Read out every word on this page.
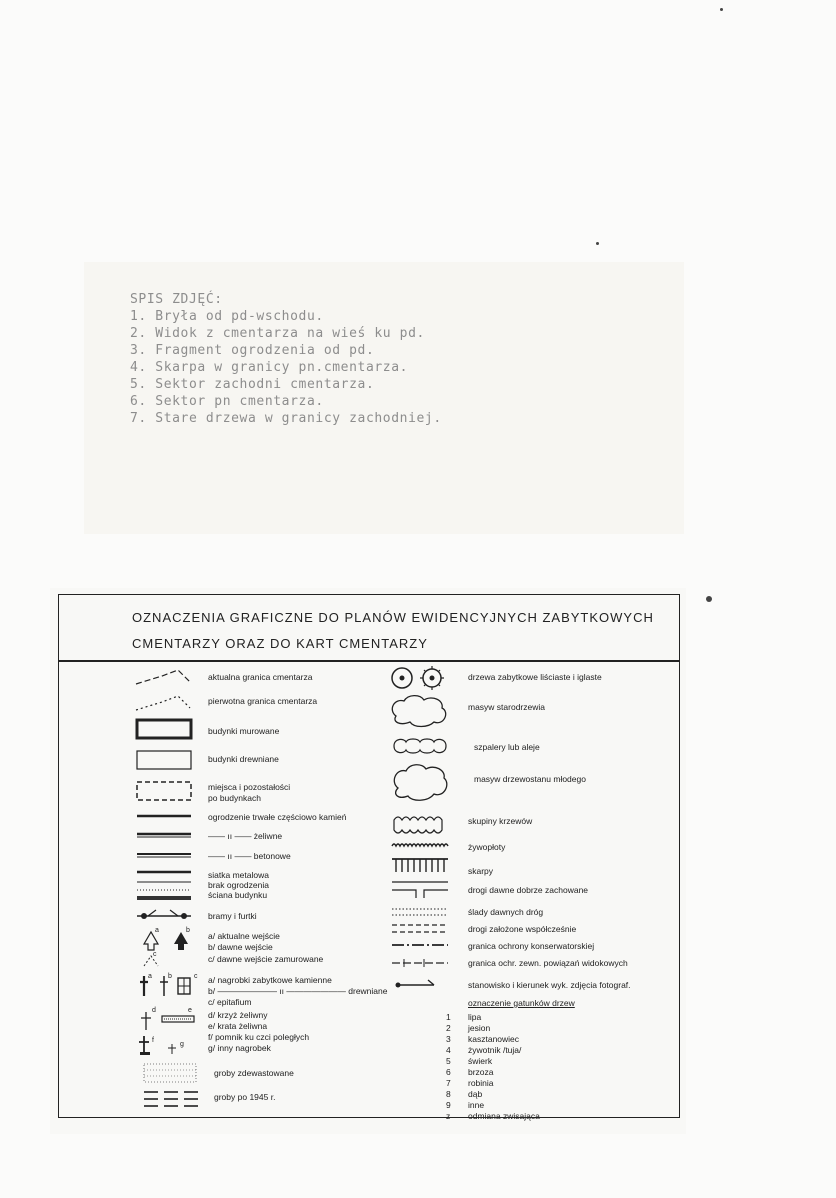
SPIS ZDJĘĆ:
1. Bryła od pd-wschodu.
2. Widok z cmentarza na wieś ku pd.
3. Fragment ogrodzenia od pd.
4. Skarpa w granicy pn.cmentarza.
5. Sektor zachodni cmentarza.
6. Sektor pn cmentarza.
7. Stare drzewa w granicy zachodniej.
OZNACZENIA GRAFICZNE DO PLANÓW EWIDENCYJNYCH ZABYTKOWYCH
CMENTARZY ORAZ DO KART CMENTARZY
a	b
c
a b	c
d	e
f
g
aktualna granica cmentarza
pierwotna granica cmentarza
budynki murowane
budynki drewniane
miejsca i pozostałości
po budynkach
ogrodzenie trwałe częściowo kamień
—— ıı —— żeliwne
—— ıı —— betonowe
siatka metalowa
brak ogrodzenia
ściana budynku
bramy i furtki
a/ aktualne wejście
b/ dawne wejście
c/ dawne wejście zamurowane
a/ nagrobki zabytkowe kamienne
b/ ——————— ıı ——————— drewniane
c/ epitafium
d/ krzyż żeliwny
e/ krata żeliwna
f/ pomnik ku czci poległych
g/ inny nagrobek
groby zdewastowane
groby po 1945 r.
drzewa zabytkowe liściaste i iglaste
masyw starodrzewia
szpalery lub aleje
masyw drzewostanu młodego
skupiny krzewów
żywopłoty
skarpy
drogi dawne dobrze zachowane
ślady dawnych dróg
drogi założone współcześnie
granica ochrony konserwatorskiej
granica ochr. zewn. powiązań widokowych
stanowisko i kierunek wyk. zdjęcia fotograf.
oznaczenie gatunków drzew
1 lipa
2 jesion
3 kasztanowiec
4 żywotnik /tuja/
5 świerk
6 brzoza
7 robinia
8 dąb
9 inne
z odmiana zwisająca
